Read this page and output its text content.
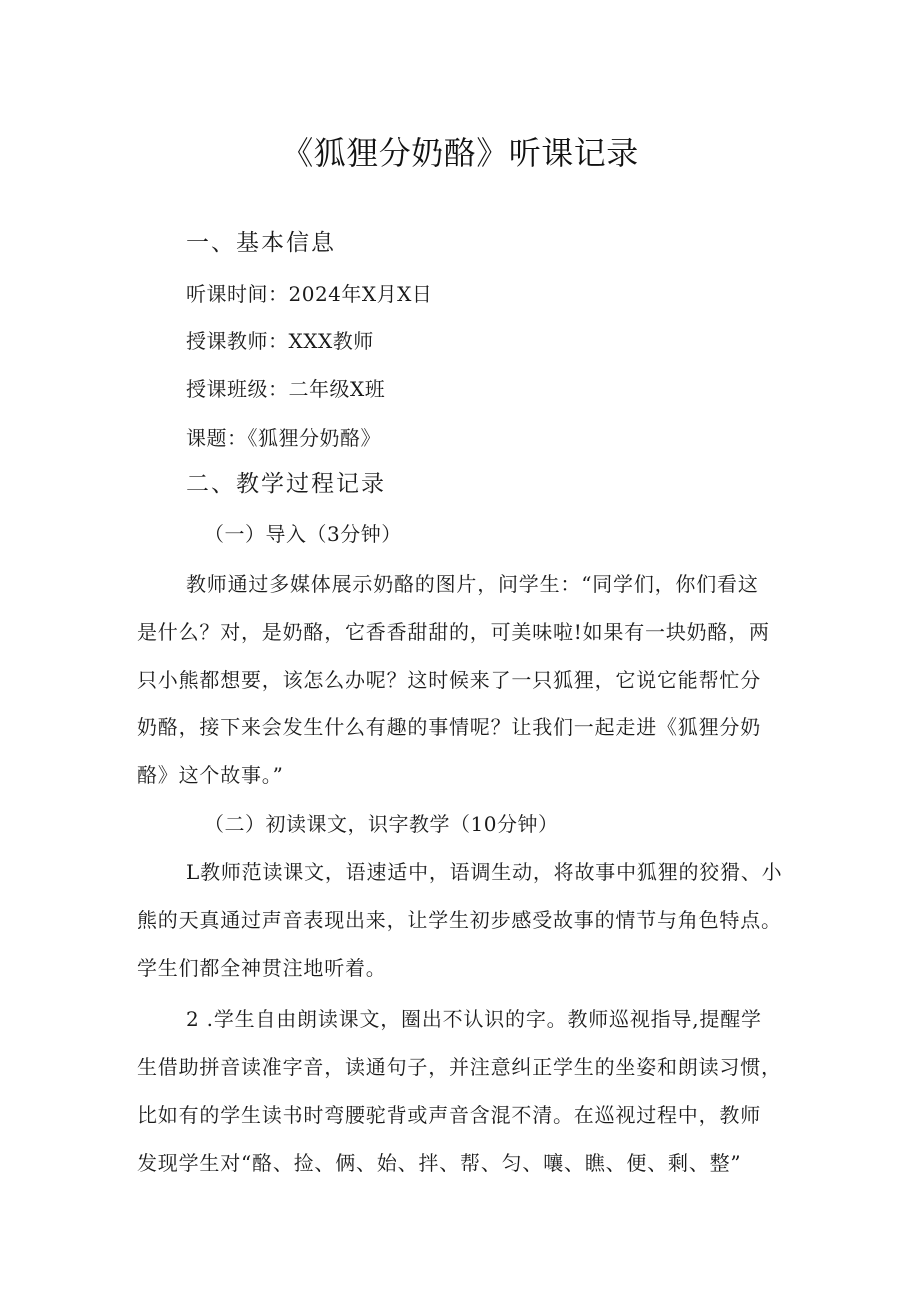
《狐狸分奶酪》听课记录
一、基本信息
听课时间：2024年X月X日
授课教师：XXX教师
授课班级：二年级X班
课题：《狐狸分奶酪》
二、教学过程记录
（一）导入（3分钟）
教师通过多媒体展示奶酪的图片，问学生：“同学们，你们看这
是什么？对，是奶酪，它香香甜甜的，可美味啦!如果有一块奶酪，两
只小熊都想要，该怎么办呢？这时候来了一只狐狸，它说它能帮忙分
奶酪，接下来会发生什么有趣的事情呢？让我们一起走进《狐狸分奶
酪》这个故事。”
（二）初读课文，识字教学（10分钟）
L教师范读课文，语速适中，语调生动，将故事中狐狸的狡猾、小
熊的天真通过声音表现出来，让学生初步感受故事的情节与角色特点。
学生们都全神贯注地听着。
2 .学生自由朗读课文，圈出不认识的字。教师巡视指导,提醒学
生借助拼音读准字音，读通句子，并注意纠正学生的坐姿和朗读习惯，
比如有的学生读书时弯腰驼背或声音含混不清。在巡视过程中，教师
发现学生对“酪、捡、俩、始、拌、帮、匀、嚷、瞧、便、剩、整”
